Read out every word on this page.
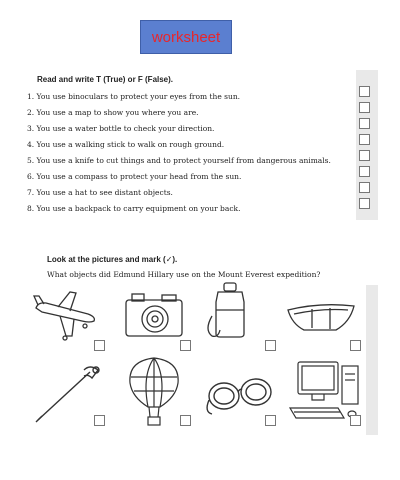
worksheet
Read and write T (True) or F (False).
1. You use binoculars to protect your eyes from the sun.
2. You use a map to show you where you are.
3. You use a water bottle to check your direction.
4. You use a walking stick to walk on rough ground.
5. You use a knife to cut things and to protect yourself from dangerous animals.
6. You use a compass to protect your head from the sun.
7. You use a hat to see distant objects.
8. You use a backpack to carry equipment on your back.
Look at the pictures and mark (✓).
What objects did Edmund Hillary use on the Mount Everest expedition?
